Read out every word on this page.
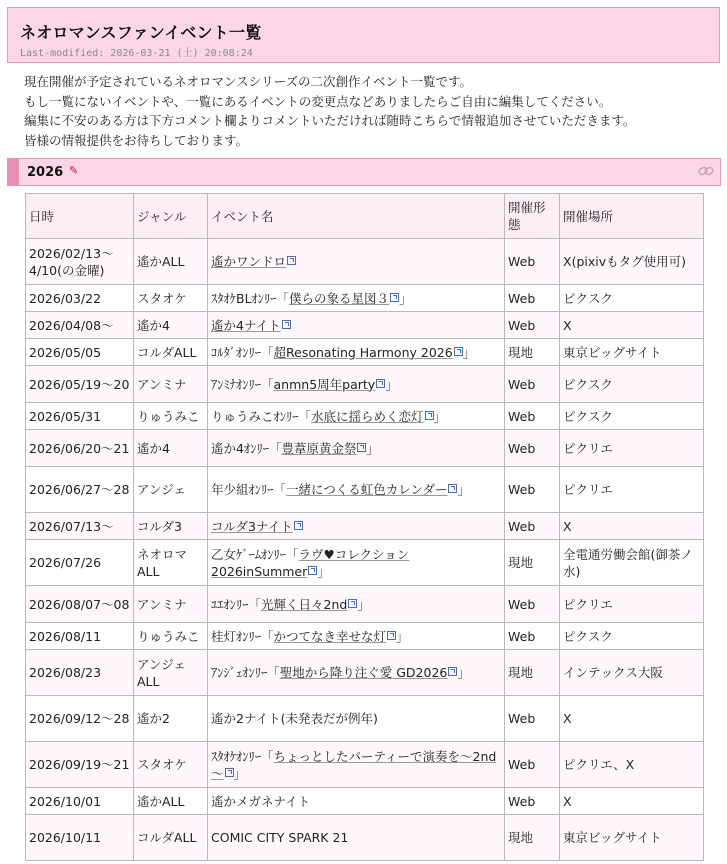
ネオロマンスファンイベント一覧
Last-modified: 2026-03-21 (土) 20:08:24
現在開催が予定されているネオロマンスシリーズの二次創作イベント一覧です。
もし一覧にないイベントや、一覧にあるイベントの変更点などありましたらご自由に編集してください。
編集に不安のある方は下方コメント欄よりコメントいただければ随時こちらで情報追加させていただきます。
皆様の情報提供をお待ちしております。
2026 ✎
日時	ジャンル	イベント名	開催形態	開催場所
2026/02/13～4/10(の金曜)	遙かALL	遙かワンドロ	Web	X(pixivもタグ使用可)
2026/03/22	スタオケ	ｽﾀｵｹBLｵﾝﾘｰ「僕らの象る星図３ 」	Web	ピクスク
2026/04/08～	遙か4	遙か4ナイト	Web	X
2026/05/05	コルダALL	ｺﾙﾀﾞｵﾝﾘｰ「超Resonating Harmony 2026 」	現地	東京ビッグサイト
2026/05/19～20	アンミナ	ｱﾝﾐﾅｵﾝﾘｰ「anmn5周年party 」	Web	ピクスク
2026/05/31	りゅうみこ	りゅうみこｵﾝﾘｰ「水底に揺らめく恋灯 」	Web	ピクスク
2026/06/20～21	遙か4	遙か4ｵﾝﾘｰ「豊葦原黄金祭 」	Web	ピクリエ
2026/06/27～28	アンジェ	年少組ｵﾝﾘｰ「一緒につくる虹色カレンダー 」	Web	ピクリエ
2026/07/13～	コルダ3	コルダ3ナイト	Web	X
2026/07/26	ネオロマALL	乙女ｹﾞｰﾑｵﾝﾘｰ「ラヴ♥コレクション2026inSummer 」	現地	全電通労働会館(御茶ノ水)
2026/08/07～08	アンミナ	ﾕｴｵﾝﾘｰ「光輝く日々2nd 」	Web	ピクリエ
2026/08/11	りゅうみこ	桂灯ｵﾝﾘｰ「かつてなき幸せな灯 」	Web	ピクスク
2026/08/23	アンジェALL	ｱﾝｼﾞｪｵﾝﾘｰ「聖地から降り注ぐ愛 GD2026 」	現地	インテックス大阪
2026/09/12～28	遙か2	遙か2ナイト(未発表だが例年)	Web	X
2026/09/19～21	スタオケ	ｽﾀｵｹｵﾝﾘｰ「ちょっとしたパーティーで演奏を～2nd～ 」	Web	ピクリエ、X
2026/10/01	遙かALL	遙かメガネナイト	Web	X
2026/10/11	コルダALL	COMIC CITY SPARK 21	現地	東京ビッグサイト
